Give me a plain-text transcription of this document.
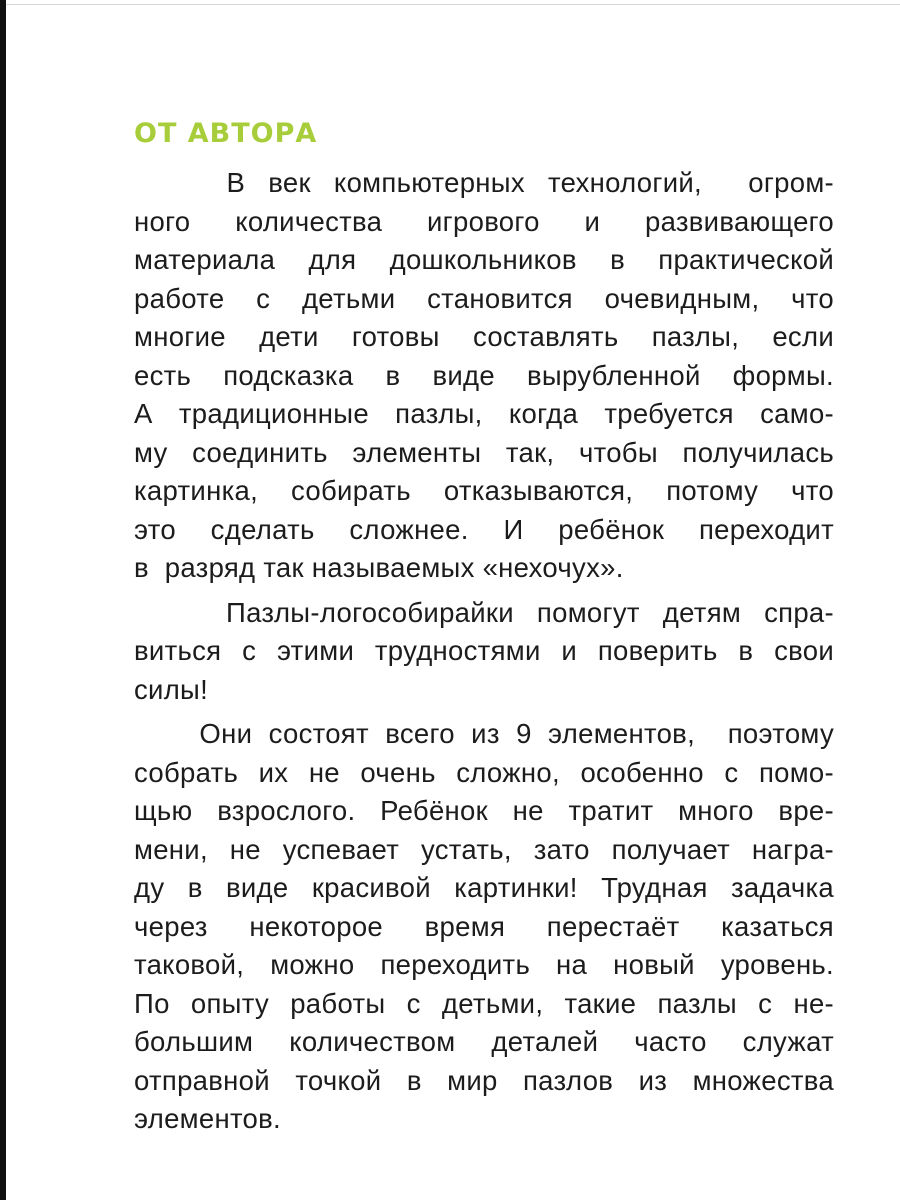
ОТ АВТОРА
В век компьютерных технологий,  огром-
ного  количества  игрового  и  развивающего
материала для дошкольников в практической
работе с детьми становится очевидным, что
многие дети готовы составлять пазлы, если
есть подсказка в виде вырубленной формы.
А традиционные пазлы, когда требуется само-
му соединить элементы так, чтобы получилась
картинка, собирать отказываются, потому что
это сделать сложнее. И ребёнок переходит
в  разряд так называемых «нехочух».
Пазлы-логособирайки помогут детям спра-
виться с этими трудностями и поверить в свои
силы!
Они состоят всего из 9 элементов,  поэтому
собрать их не очень сложно, особенно с помо-
щью взрослого. Ребёнок не тратит много вре-
мени, не успевает устать, зато получает награ-
ду в виде красивой картинки! Трудная задачка
через некоторое время перестаёт казаться
таковой, можно переходить на новый уровень.
По опыту работы с детьми, такие пазлы с не-
большим количеством деталей часто служат
отправной точкой в мир пазлов из множества
элементов.
